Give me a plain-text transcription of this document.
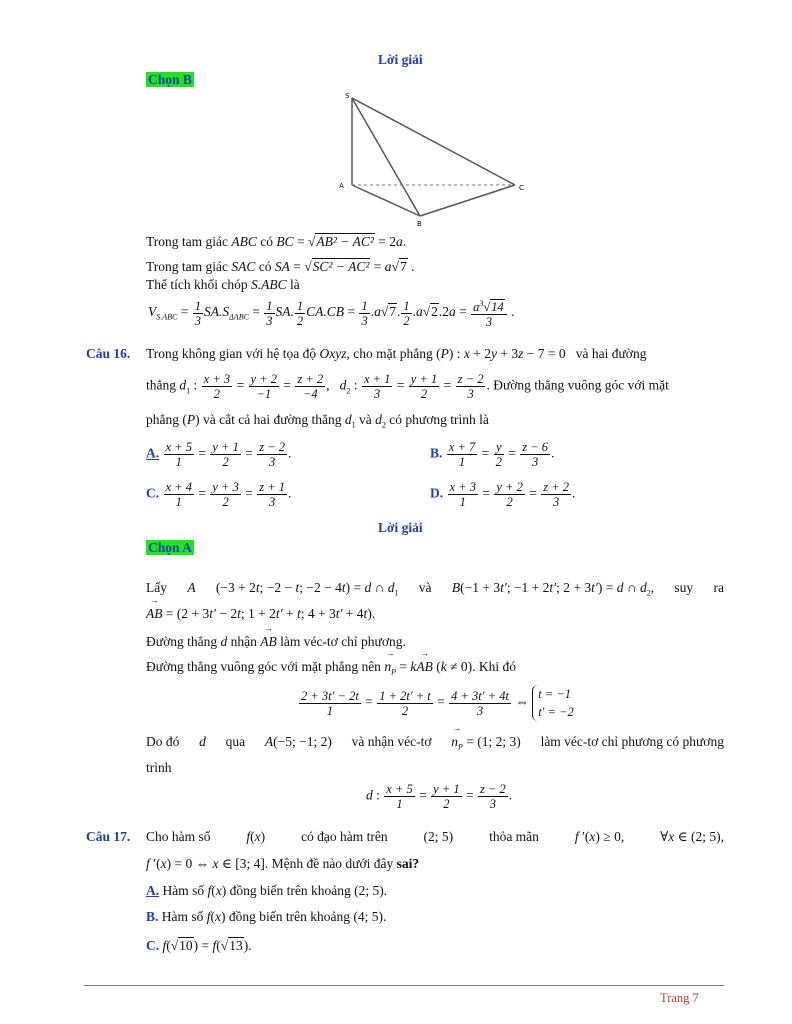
Lời giải
Chọn B
S
A
B
C
Trong tam giác ABC có BC = √AB² − AC² = 2a.
Trong tam giác SAC có SA = √SC² − AC² = a√7 .
Thể tích khối chóp S.ABC là
$V_{S.ABC} = \frac{1}{3} SA.S_{\Delta ABC} = \frac{1}{3}$ SA. $\frac{1}{2} CA.CB = \frac{1}{3} .a√7$. $\frac{1}{2} .a√2.2a = \frac{a^3√14}{3}$ .
Câu 16. Trong không gian với hệ tọa độ Oxyz, cho mặt phẳng (P) : x + 2y + 3z − 7 = 0   và hai đường
thẳng $d_1$ : $\frac{x + 3}{2} = \frac{y + 2}{-1} = \frac{z + 2}{-4}$ ,   $d_2$ : $\frac{x + 1}{3} = \frac{y + 1}{2} = \frac{z - 2}{3}$ . Đường thẳng vuông góc với mặt
phẳng (P) và cắt cả hai đường thẳng $d_1$ và $d_2$ có phương trình là
A. $\frac{x + 5}{1} = \frac{y + 1}{2} = \frac{z - 2}{3}$ .	B. $\frac{x + 7}{1} = \frac{y}{2} = \frac{z - 6}{3}$ .
C. $\frac{x + 4}{1} = \frac{y + 3}{2} = \frac{z + 1}{3}$ .	D. $\frac{x + 3}{1} = \frac{y + 2}{2} = \frac{z + 2}{3}$ .
Lời giải
Chọn A
Lấy A (−3 + 2t; −2 − t; −2 − 4t) = d ∩ $d_1$ và B(−1 + 3t′; −1 + 2t′; 2 + 3t′) = d ∩ $d_2$, suy ra
→ AB = (2 + 3t′ − 2t; 1 + 2t′ + t; 4 + 3t′ + 4t).
Đường thẳng d nhận → AB làm véc-tơ chỉ phương.
Đường thẳng vuông góc với mặt phẳng nên → $n_P = k\to$ AB (k ≠ 0). Khi đó
$\frac{2 + 3t' - 2t}{1} = \frac{1 + 2t' + t}{2} = \frac{4 + 3t' + 4t}{3}$ ⇔
t = −1
t′ = −2
Do đó d qua A(−5; −1; 2) và nhận véc-tơ → $n_P = (1$; 2; 3) làm véc-tơ chỉ phương có phương
trình
d : $\frac{x + 5}{1} = \frac{y + 1}{2} = \frac{z - 2}{3}$ .
Câu 17. Cho hàm số	f(x)	có đạo hàm trên	(2; 5)	thỏa mãn	f ′(x) ≥ 0,	∀x ∈ (2; 5),
f ′(x) = 0 ⇔ x ∈ [3; 4]. Mệnh đề nào dưới đây sai?
A. Hàm số f(x) đồng biến trên khoảng (2; 5).
B. Hàm số f(x) đồng biến trên khoảng (4; 5).
C. f(√10) = f(√13).
Trang 7
